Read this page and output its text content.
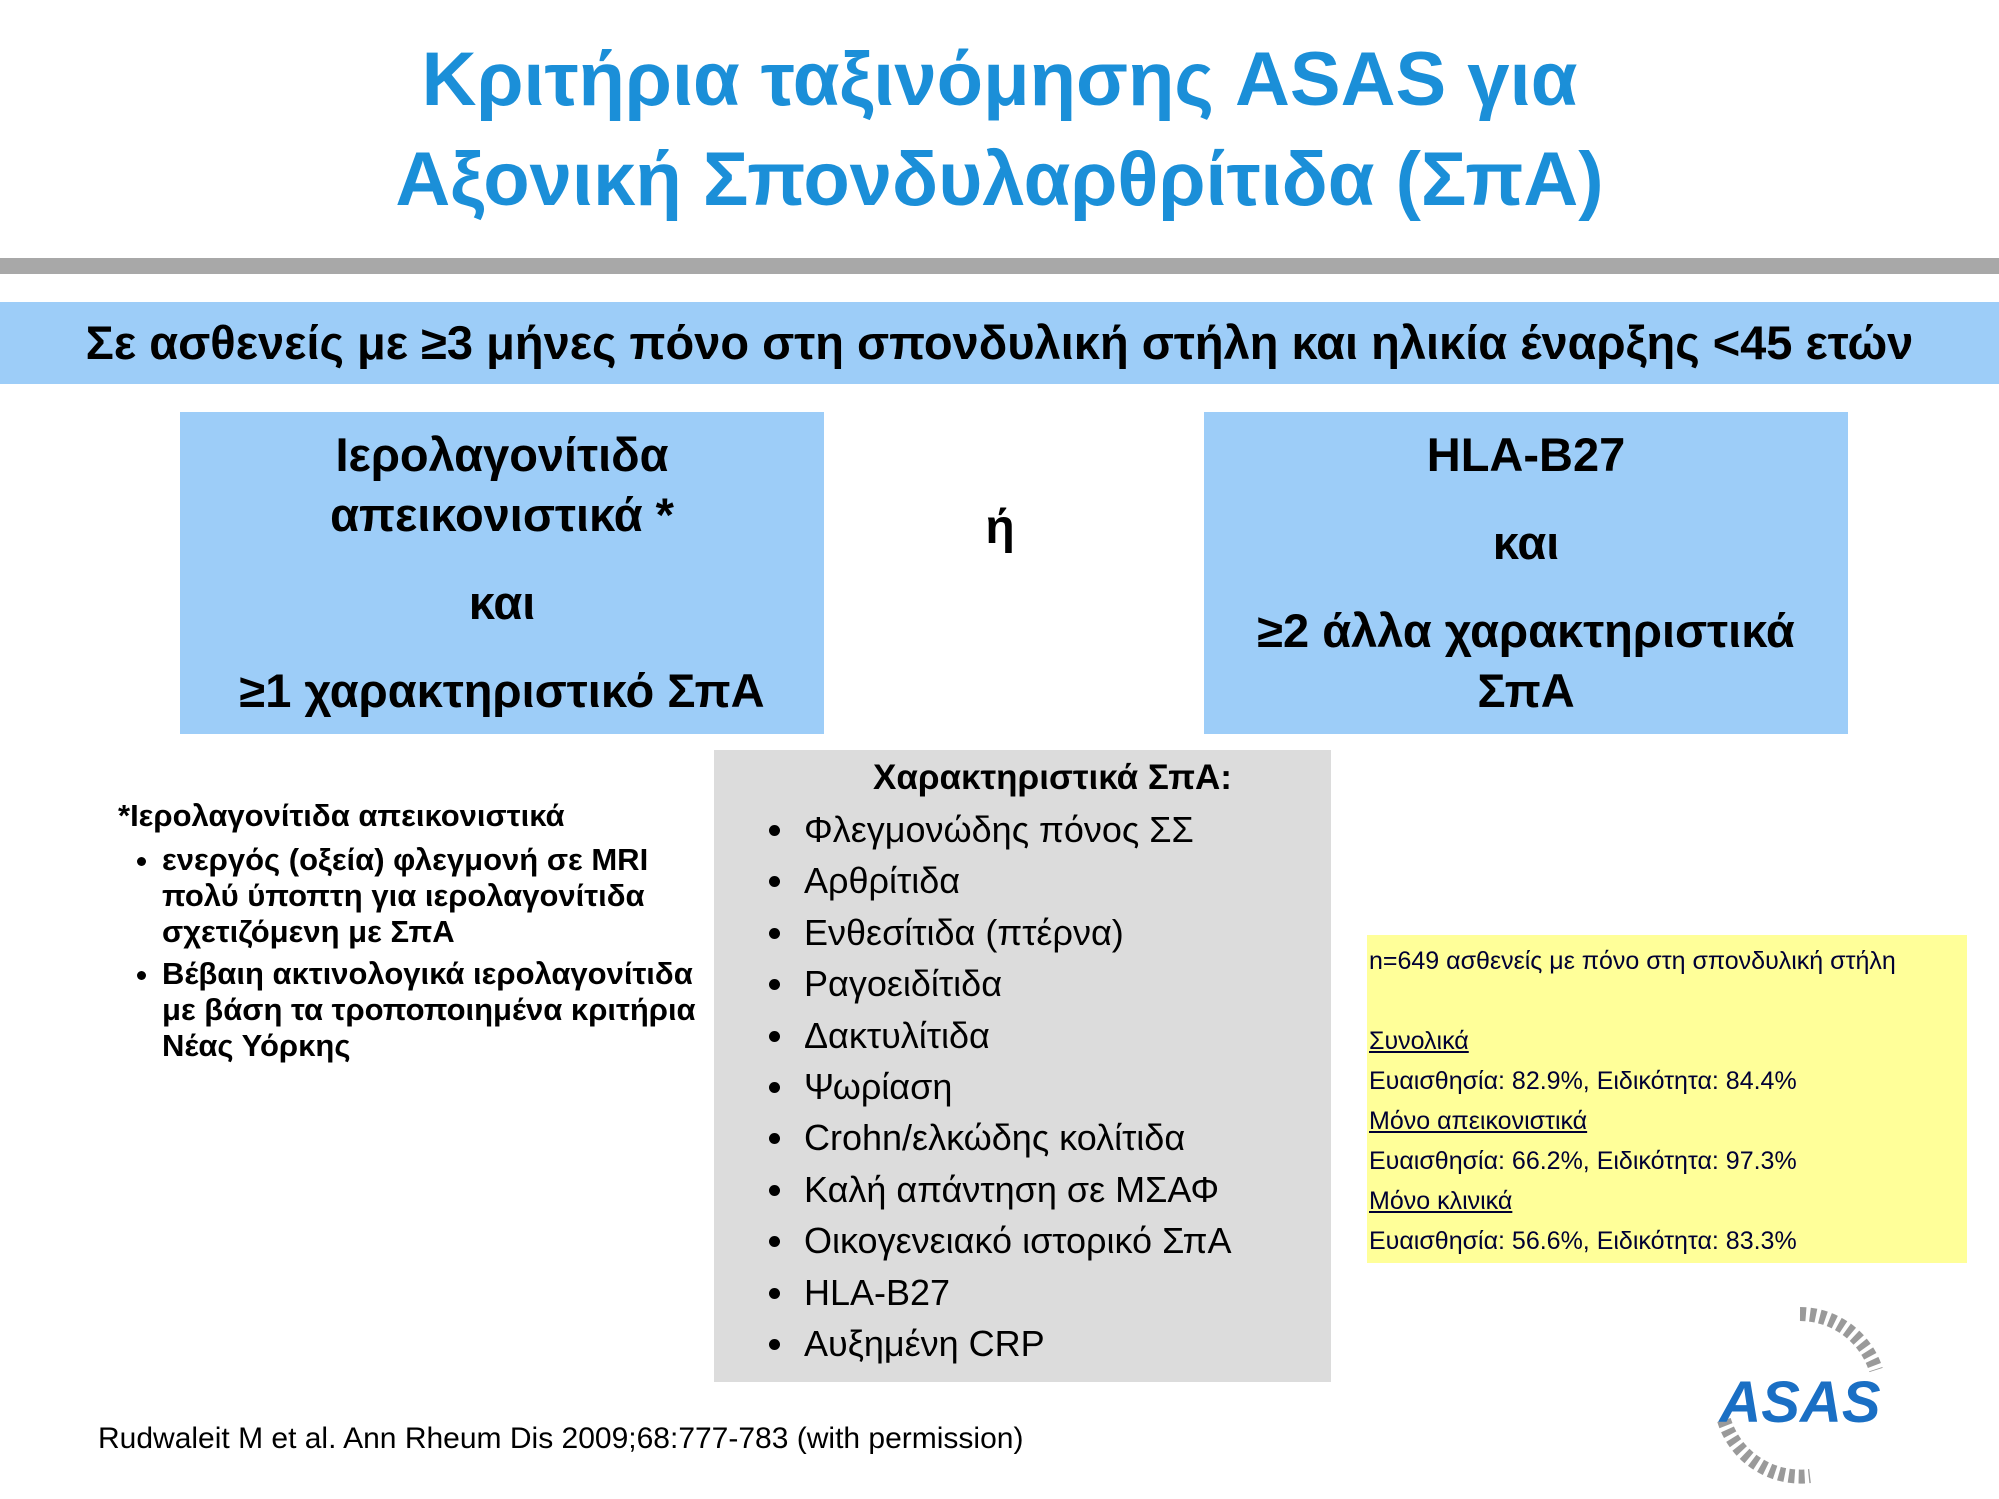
Κριτήρια ταξινόμησης ASAS για
Αξονική Σπονδυλαρθρίτιδα (ΣπΑ)
Σε ασθενείς με ≥3 μήνες πόνο στη σπονδυλική στήλη και ηλικία έναρξης <45 ετών
Ιερολαγονίτιδα
απεικονιστικά *
και
≥1 χαρακτηριστικό ΣπΑ
ή
HLA-B27
και
≥2 άλλα χαρακτηριστικά
ΣπΑ
*Ιερολαγονίτιδα απεικονιστικά
• ενεργός (οξεία) φλεγμονή σε MRI πολύ ύποπτη για ιερολαγονίτιδα σχετιζόμενη με ΣπΑ
• Βέβαιη ακτινολογικά ιερολαγονίτιδα με βάση τα τροποποιημένα κριτήρια Νέας Υόρκης
Χαρακτηριστικά ΣπΑ:
• Φλεγμονώδης πόνος ΣΣ
• Αρθρίτιδα
• Ενθεσίτιδα (πτέρνα)
• Ραγοειδίτιδα
• Δακτυλίτιδα
• Ψωρίαση
• Crohn/ελκώδης κολίτιδα
• Καλή απάντηση σε ΜΣΑΦ
• Οικογενειακό ιστορικό ΣπΑ
• HLA-B27
• Αυξημένη CRP
n=649 ασθενείς με πόνο στη σπονδυλική στήλη
Συνολικά
Ευαισθησία: 82.9%, Ειδικότητα: 84.4%
Μόνο απεικονιστικά
Ευαισθησία: 66.2%, Ειδικότητα: 97.3%
Μόνο κλινικά
Ευαισθησία: 56.6%, Ειδικότητα: 83.3%
Rudwaleit M et al. Ann Rheum Dis 2009;68:777-783 (with permission)
ASAS
